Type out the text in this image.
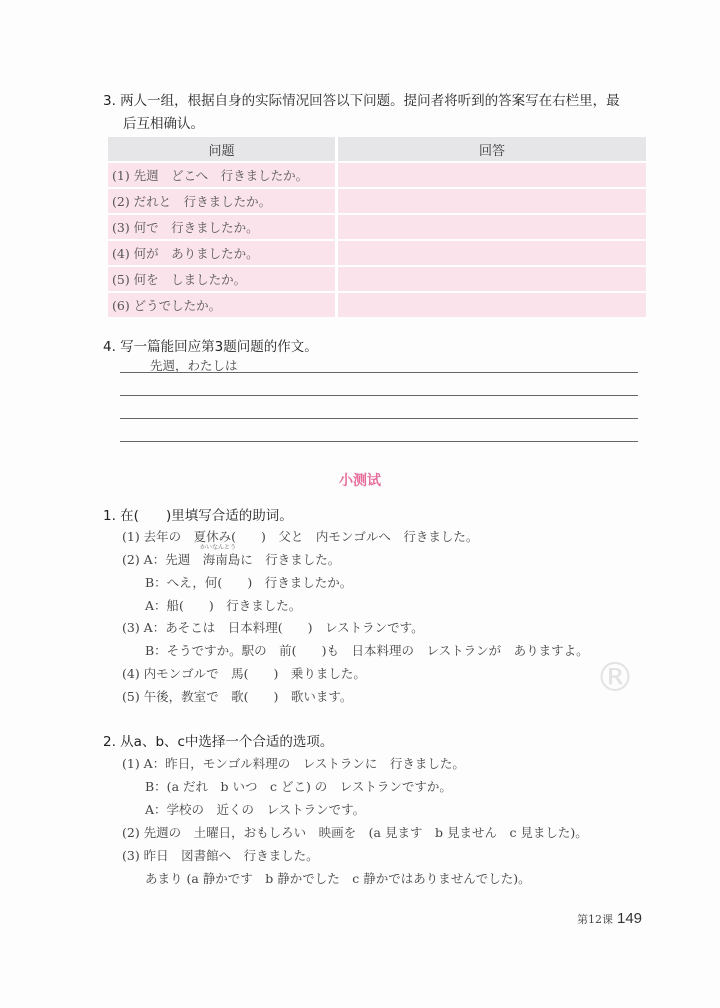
3. 两人一组，根据自身的实际情况回答以下问题。提问者将听到的答案写在右栏里，最
后互相确认。
问题	回答
(1) 先週　どこへ　行きましたか。	
(2) だれと　行きましたか。	
(3) 何で　行きましたか。	
(4) 何が　ありましたか。	
(5) 何を　しましたか。	
(6) どうでしたか。	
4. 写一篇能回应第3题问题的作文。
先週，わたしは
小测试
®
1. 在(　　)里填写合适的助词。
(1) 去年の　夏休み(　　)　父と　内モンゴルへ　行きました。
かいなんとう
(2) A：先週　海南島に　行きました。
B：へえ，何(　　)　行きましたか。
A：船(　　)　行きました。
(3) A：あそこは　日本料理(　　)　レストランです。
B：そうですか。駅の　前(　　)も　日本料理の　レストランが　ありますよ。
(4) 内モンゴルで　馬(　　)　乗りました。
(5) 午後，教室で　歌(　　)　歌います。
2. 从a、b、c中选择一个合适的选项。
(1) A：昨日，モンゴル料理の　レストランに　行きました。
B：(a だれ　b いつ　c どこ) の　レストランですか。
A：学校の　近くの　レストランです。
(2) 先週の　土曜日，おもしろい　映画を　(a 見ます　b 見ません　c 見ました)。
(3) 昨日　図書館へ　行きました。
あまり (a 静かです　b 静かでした　c 静かではありませんでした)。
第12课 149
